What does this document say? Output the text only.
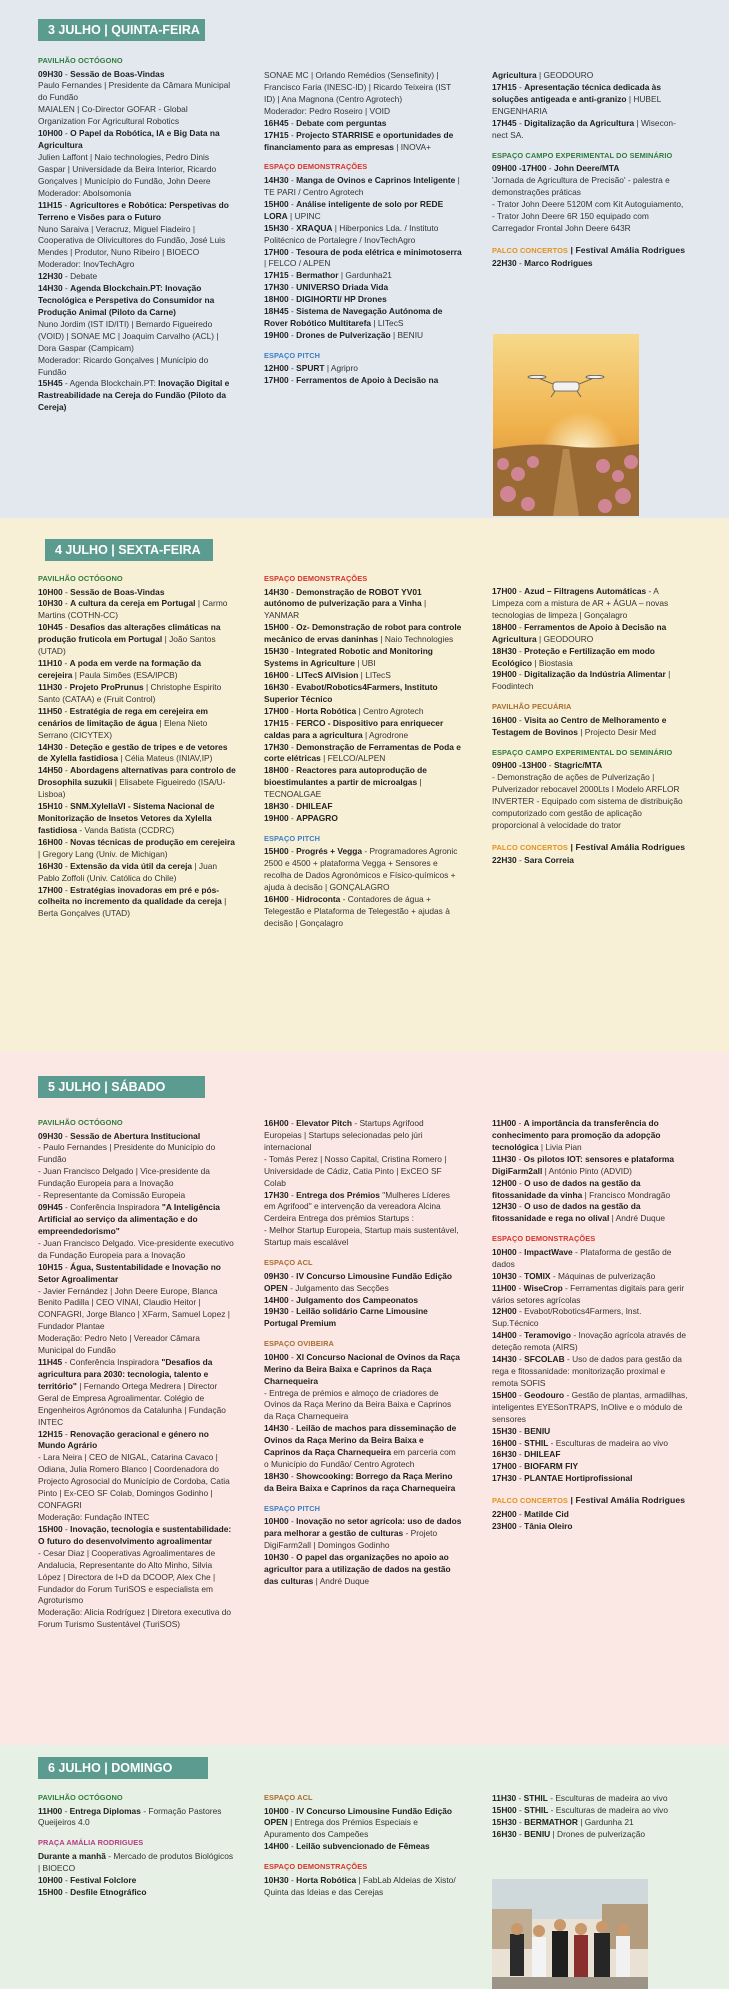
3 JULHO | QUINTA-FEIRA
PAVILHÃO OCTÓGONO

09H30 - Sessão de Boas-Vindas

Paulo Fernandes | Presidente da Câmara Municipal do Fundão

MAIALEN | Co-Director GOFAR - Global Organization For Agricultural Robotics

10H00 - O Papel da Robótica, IA e Big Data na Agricultura

Julien Laffont | Naio technologies, Pedro Dinis Gaspar | Universidade da Beira Interior, Ricardo Gonçalves | Município do Fundão, John Deere

Moderador: Abolsomonia

11H15 - Agricultores e Robótica: Perspetivas do Terreno e Visões para o Futuro

Nuno Saraiva | Veracruz, Miguel Fiadeiro | Cooperativa de Olivicultores do Fundão, José Luis Mendes | Produtor, Nuno Ribeiro | BIOECO

Moderador: InovTechAgro

12H30 - Debate

14H30 - Agenda Blockchain.PT: Inovação Tecnológica e Perspetiva do Consumidor na Produção Animal (Piloto da Carne)

Nuno Jordim (IST ID/ITI) | Bernardo Figueiredo (VOID) | SONAE MC | Joaquim Carvalho (ACL) | Dora Gaspar (Campicam)

Moderador: Ricardo Gonçalves | Município do Fundão

15H45 - Agenda Blockchain.PT: Inovação Digital e Rastreabilidade na Cereja do Fundão (Piloto da Cereja)

SONAE MC | Orlando Remédios (Sensefinity) | Francisco Faria (INESC-ID) | Ricardo Teixeira (IST ID) | Ana Magnona (Centro Agrotech)

Moderador: Pedro Roseiro | VOID

16H45 - Debate com perguntas

17H15 - Projecto STARRISE e oportunidades de financiamento para as empresas | INOVA+

ESPAÇO DEMONSTRAÇÕES

14H30 - Manga de Ovinos e Caprinos Inteligente | TE PARI / Centro Agrotech

15H00 - Análise inteligente de solo por REDE LORA | UPINC

15H30 - XRAQUA | Hiberponics Lda. / Instituto Politécnico de Portalegre / InovTechAgro

17H00 - Tesoura de poda elétrica e minimotoserra | FELCO / ALPEN

17H15 - Bermathor | Gardunha21

17H30 - UNIVERSO Driada Vida

18H00 - DIGIHORTI/ HP Drones

18H45 - Sistema de Navegação Autónoma de Rover Robótico Multitarefa | LITecS

19H00 - Drones de Pulverização | BENIU

ESPAÇO PITCH

12H00 - SPURT | Agripro

17H00 - Ferramentos de Apoio à Decisão na

Agricultura | GEODOURO

17H15 - Apresentação técnica dedicada às soluções antigeada e anti-granizo | HUBEL ENGENHARIA

17H45 - Digitalização da Agricultura | Wisecon-nect SA.

ESPAÇO CAMPO EXPERIMENTAL DO SEMINÁRIO

09H00 -17H00 - John Deere/MTA

'Jornada de Agricultura de Precisão' - palestra e demonstrações práticas

- Trator John Deere 5120M com Kit Autoguiamento,

- Trator John Deere 6R 150 equipado com Carregador Frontal John Deere 643R

PALCO CONCERTOS | Festival Amália Rodrigues

22H30 - Marco Rodrigues

4 JULHO | SEXTA-FEIRA
PAVILHÃO OCTÓGONO

10H00 - Sessão de Boas-Vindas

10H30 - A cultura da cereja em Portugal | Carmo Martins (COTHN-CC)

10H45 - Desafios das alterações climáticas na produção fruticola em Portugal | João Santos (UTAD)

11H10 - A poda em verde na formação da cerejeira | Paula Simões (ESA/IPCB)

11H30 - Projeto ProPrunus | Christophe Espirito Santo (CATAA) e (Fruit Control)

11H50 - Estratégia de rega em cerejeira em cenários de limitação de água | Elena Nieto Serrano (CICYTEX)

14H30 - Deteção e gestão de tripes e de vetores de Xylella fastidiosa | Célia Mateus (INIAV,IP)

14H50 - Abordagens alternativas para controlo de Drosophila suzukii | Elisabete Figueiredo (ISA/U-Lisboa)

15H10 - SNM.XylellaVI - Sistema Nacional de Monitorização de Insetos Vetores da Xylella fastidiosa - Vanda Batista (CCDRC)

16H00 - Novas técnicas de produção em cerejeira | Gregory Lang (Univ. de Michigan)

16H30 - Extensão da vida útil da cereja | Juan Pablo Zoffoli (Univ. Católica do Chile)

17H00 - Estratégias inovadoras em pré e pós-colheita no incremento da qualidade da cereja | Berta Gonçalves (UTAD)

ESPAÇO DEMONSTRAÇÕES

14H30 - Demonstração de ROBOT YV01 autónomo de pulverização para a Vinha | YANMAR

15H00 - Oz- Demonstração de robot para controle mecânico de ervas daninhas | Naio Technologies

15H30 - Integrated Robotic and Monitoring Systems in Agriculture | UBI

16H00 - LITecS AIVision | LITecS

16H30 - Evabot/Robotics4Farmers, Instituto Superior Técnico

17H00 - Horta Robótica | Centro Agrotech

17H15 - FERCO - Dispositivo para enriquecer caldas para a agricultura | Agrodrone

17H30 - Demonstração de Ferramentas de Poda e corte elétricas | FELCO/ALPEN

18H00 - Reactores para autoprodução de bioestimulantes a partir de microalgas | TECNOALGAE

18H30 - DHILEAF

19H00 - APPAGRO

ESPAÇO PITCH

15H00 - Progrés + Vegga - Programadores Agronic 2500 e 4500 + plataforma Vegga + Sensores e recolha de Dados Agronómicos e Físico-químicos + ajuda à decisão | GONÇALAGRO

16H00 - Hidroconta - Contadores de água + Telegestão e Plataforma de Telegestão + ajudas à decisão | Gonçalagro

17H00 - Azud – Filtragens Automáticas - A Limpeza com a mistura de AR + ÁGUA – novas tecnologias de limpeza | Gonçalagro

18H00 - Ferramentos de Apoio à Decisão na Agricultura | GEODOURO

18H30 - Proteção e Fertilização em modo Ecológico | Biostasia

19H00 - Digitalização da Indústria Alimentar | Foodintech

PAVILHÃO PECUÁRIA

16H00 - Visita ao Centro de Melhoramento e Testagem de Bovinos | Projecto Desir Med

ESPAÇO CAMPO EXPERIMENTAL DO SEMINÁRIO

09H00 -13H00 - Stagric/MTA

- Demonstração de ações de Pulverização | Pulverizador rebocavel 2000Lts I Modelo ARFLOR INVERTER - Equipado com sistema de distribuição computorizado com gestão de aplicação proporcional à velocidade do trator

PALCO CONCERTOS | Festival Amália Rodrigues

22H30 - Sara Correia

5 JULHO | SÁBADO
PAVILHÃO OCTÓGONO

09H30 - Sessão de Abertura Institucional

- Paulo Fernandes | Presidente do Município do Fundão

- Juan Francisco Delgado | Vice-presidente da Fundação Europeia para a Inovação

- Representante da Comissão Europeia

09H45 - Conferência Inspiradora "A Inteligência Artificial ao serviço da alimentação e do empreendedorismo"

- Juan Francisco Delgado. Vice-presidente executivo da Fundação Europeia para a Inovação

10H15 - Água, Sustentabilidade e Inovação no Setor Agroalimentar

- Javier Fernández | John Deere Europe, Blanca Benito Padilla | CEO VINAI, Claudio Heitor | CONFAGRI, Jorge Blanco | XFarm, Samuel Lopez | Fundador Plantae

Moderação: Pedro Neto | Vereador Câmara Municipal do Fundão

11H45 - Conferência Inspiradora "Desafios da agricultura para 2030: tecnologia, talento e território" | Fernando Ortega Medrera | Director Geral de Empresa Agroalimentar. Colégio de Engenheiros Agrónomos da Catalunha | Fundação INTEC

12H15 - Renovação geracional e género no Mundo Agrário

- Lara Neira | CEO de NIGAL, Catarina Cavaco | Odiana, Julia Romero Blanco | Coordenadora do Projecto Agrosocial do Município de Cordoba, Catia Pinto | Ex-CEO SF Colab, Domingos Godinho | CONFAGRI

Moderação: Fundação INTEC

15H00 - Inovação, tecnologia e sustentabilidade: O futuro do desenvolvimento agroalimentar

- Cesar Diaz | Cooperativas Agroalimentares de Andalucia, Representante do Alto Minho, Silvia López | Directora de I+D da DCOOP, Alex Che | Fundador do Forum TuriSOS e especialista em Agroturismo

Moderação: Alicia Rodríguez | Diretora executiva do Forum Turismo Sustentável (TuriSOS)

16H00 - Elevator Pitch - Startups Agrifood Europeias | Startups selecionadas pelo júri internacional

- Tomás Perez | Nosso Capital, Cristina Romero | Universidade de Cádiz, Catia Pinto | ExCEO SF Colab

17H30 - Entrega dos Prémios "Mulheres Líderes em Agrifood" e intervenção da vereadora Alcina Cerdeira Entrega dos prémios Startups :

- Melhor Startup Europeia, Startup mais sustentável, Startup mais escalável

ESPAÇO ACL

09H30 - IV Concurso Limousine Fundão Edição OPEN - Julgamento das Secções

14H00 - Julgamento dos Campeonatos

19H30 - Leilão solidário Carne Limousine Portugal Premium

ESPAÇO OVIBEIRA

10H00 - XI Concurso Nacional de Ovinos da Raça Merino da Beira Baixa e Caprinos da Raça Charnequeira

- Entrega de prémios e almoço de criadores de Ovinos da Raça Merino da Beira Baixa e Caprinos da Raça Charnequeira

14H30 - Leilão de machos para disseminação de Ovinos da Raça Merino da Beira Baixa e Caprinos da Raça Charnequeira em parceria com o Município do Fundão/ Centro Agrotech

18H30 - Showcooking: Borrego da Raça Merino da Beira Baixa e Caprinos da raça Charnequeira

ESPAÇO PITCH

10H00 - Inovação no setor agrícola: uso de dados para melhorar a gestão de culturas - Projeto DigiFarm2all | Domingos Godinho

10H30 - O papel das organizações no apoio ao agricultor para a utilização de dados na gestão das culturas | André Duque

11H00 - A importância da transferência do conhecimento para promoção da adopção tecnológica | Livia Pian

11H30 - Os pilotos IOT: sensores e plataforma DigiFarm2all | António Pinto (ADVID)

12H00 - O uso de dados na gestão da fitossanidade da vinha | Francisco Mondragão

12H30 - O uso de dados na gestão da fitossanidade e rega no olival | André Duque

ESPAÇO DEMONSTRAÇÕES

10H00 - ImpactWave - Plataforma de gestão de dados

10H30 - TOMIX - Máquinas de pulverização

11H00 - WiseCrop - Ferramentas digitais para gerir vários setores agrícolas

12H00 - Evabot/Robotics4Farmers, Inst. Sup.Técnico

14H00 - Teramovigo - Inovação agrícola através de deteção remota (AIRS)

14H30 - SFCOLAB - Uso de dados para gestão da rega e fitossanidade: monitorização proximal e remota SOFIS

15H00 - Geodouro - Gestão de plantas, armadilhas, inteligentes EYESonTRAPS, InOlive e o módulo de sensores

15H30 - BENIU

16H00 - STHIL - Esculturas de madeira ao vivo

16H30 - DHILEAF

17H00 - BIOFARM FIY

17H30 - PLANTAE Hortiprofissional

PALCO CONCERTOS | Festival Amália Rodrigues

22H00 - Matilde Cid

23H00 - Tânia Oleiro

6 JULHO | DOMINGO
PAVILHÃO OCTÓGONO

11H00 - Entrega Diplomas - Formação Pastores Queijeiros 4.0

PRAÇA AMÁLIA RODRIGUES

Durante a manhã - Mercado de produtos Biológicos | BIOECO

10H00 - Festival Folclore

15H00 - Desfile Etnográfico

ESPAÇO ACL

10H00 - IV Concurso Limousine Fundão Edição OPEN | Entrega dos Prémios Especiais e Apuramento dos Campeões

14H00 - Leilão subvencionado de Fêmeas

ESPAÇO DEMONSTRAÇÕES

10H30 - Horta Robótica | FabLab Aldeias de Xisto/ Quinta das Ideias e das Cerejas

11H30 - STHIL - Esculturas de madeira ao vivo

15H00 - STHIL - Esculturas de madeira ao vivo

15H30 - BERMATHOR | Gardunha 21

16H30 - BENIU | Drones de pulverização
